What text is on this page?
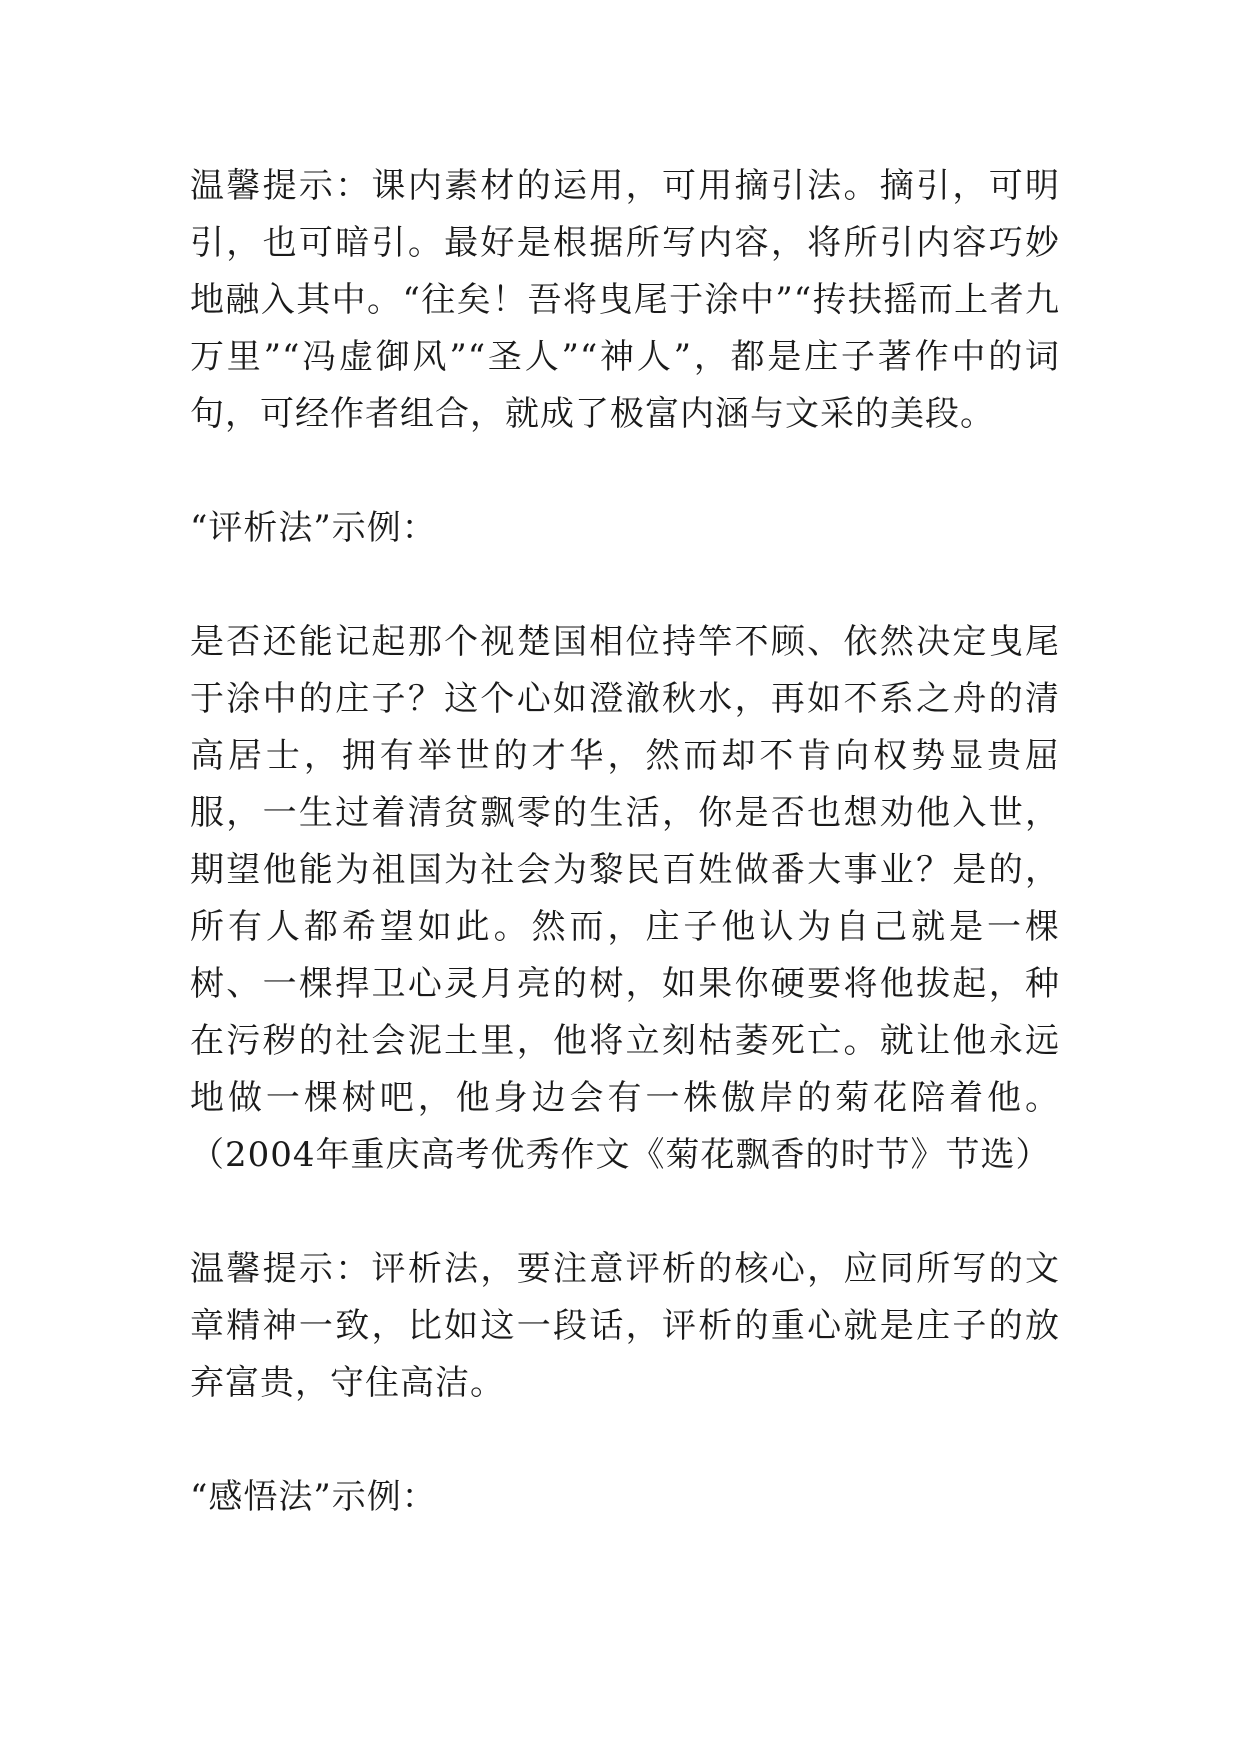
温馨提示：课内素材的运用，可用摘引法。摘引，可明引，也可暗引。最好是根据所写内容，将所引内容巧妙地融入其中。“往矣！吾将曳尾于涂中”“抟扶摇而上者九万里”“冯虚御风”“圣人”“神人”，都是庄子著作中的词句，可经作者组合，就成了极富内涵与文采的美段。

“评析法”示例：

是否还能记起那个视楚国相位持竿不顾、依然决定曳尾于涂中的庄子？这个心如澄澈秋水，再如不系之舟的清高居士，拥有举世的才华，然而却不肯向权势显贵屈服，一生过着清贫飘零的生活，你是否也想劝他入世，期望他能为祖国为社会为黎民百姓做番大事业？是的，所有人都希望如此。然而，庄子他认为自己就是一棵树、一棵捍卫心灵月亮的树，如果你硬要将他拔起，种在污秽的社会泥土里，他将立刻枯萎死亡。就让他永远地做一棵树吧，他身边会有一株傲岸的菊花陪着他。（2004年重庆高考优秀作文《菊花飘香的时节》节选）

温馨提示：评析法，要注意评析的核心，应同所写的文章精神一致，比如这一段话，评析的重心就是庄子的放弃富贵，守住高洁。

“感悟法”示例：
